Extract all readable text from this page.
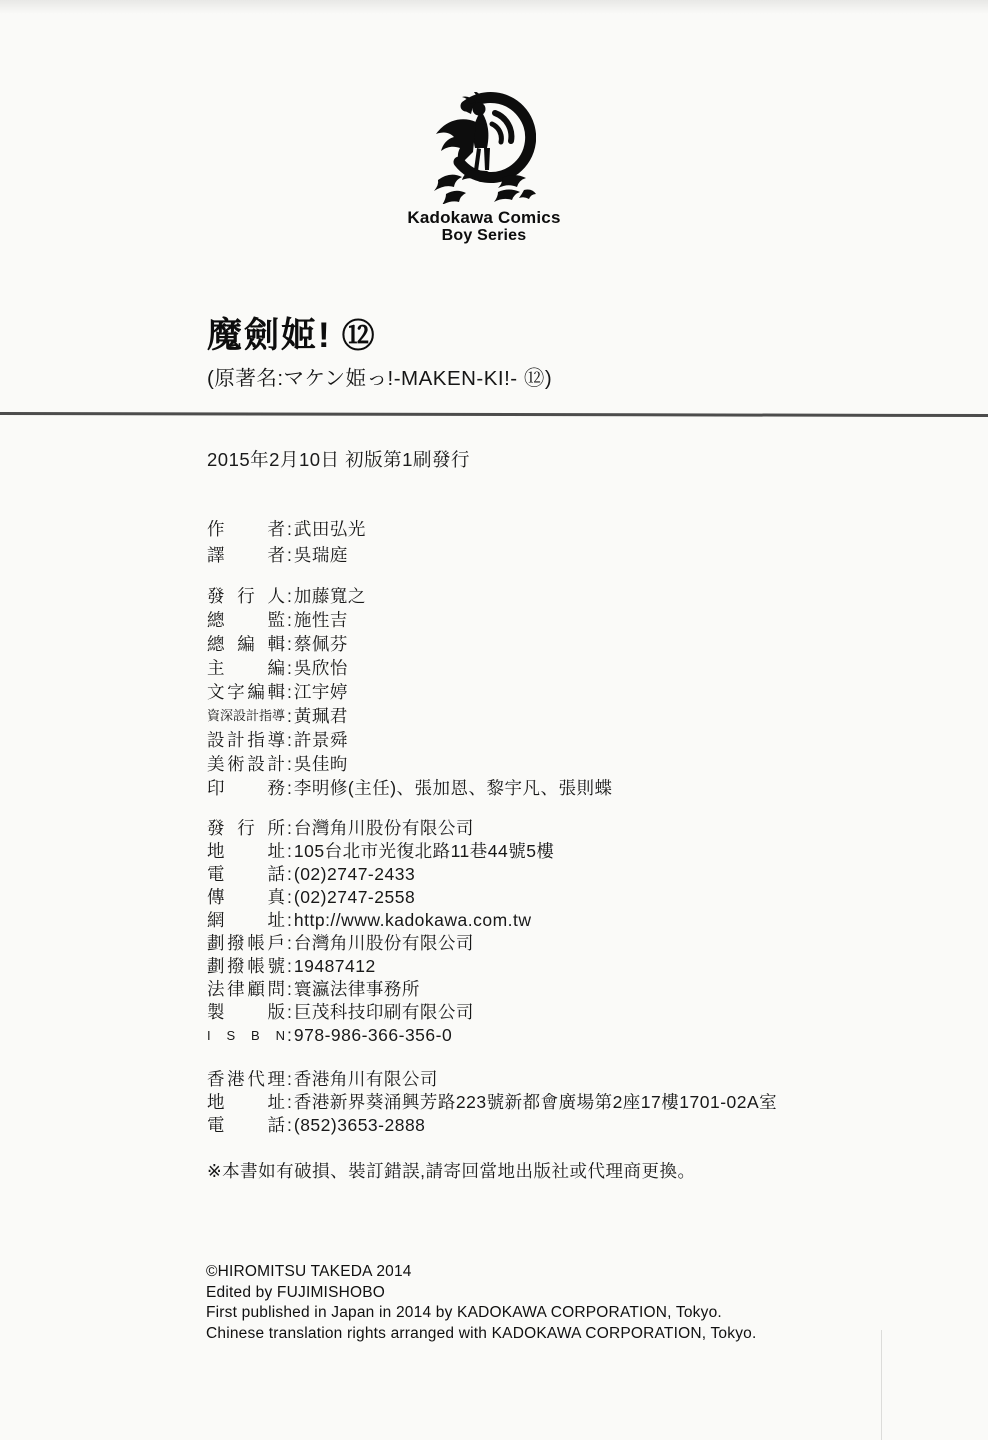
Kadokawa Comics
Boy Series
魔劍姬! ⑫
(原著名:マケン姫っ!-MAKEN-KI!- ⑫)
2015年2月10日 初版第1刷發行
作者 : 武田弘光
譯者 : 吳瑞庭
發行人 : 加藤寬之
總監 : 施性吉
總編輯 : 蔡佩芬
主編 : 吳欣怡
文字編輯 : 江宇婷
資深設計指導 : 黃珮君
設計指導 : 許景舜
美術設計 : 吳佳昫
印務 : 李明修(主任)、張加恩、黎宇凡、張則蝶
發行所 : 台灣角川股份有限公司
地址 : 105台北市光復北路11巷44號5樓
電話 : (02)2747-2433
傳真 : (02)2747-2558
網址 : http://www.kadokawa.com.tw
劃撥帳戶 : 台灣角川股份有限公司
劃撥帳號 : 19487412
法律顧問 : 寰瀛法律事務所
製版 : 巨茂科技印刷有限公司
I S B N : 978-986-366-356-0
香港代理 : 香港角川有限公司
地址 : 香港新界葵涌興芳路223號新都會廣場第2座17樓1701-02A室
電話 : (852)3653-2888
※本書如有破損、裝訂錯誤,請寄回當地出版社或代理商更換。
©HIROMITSU TAKEDA 2014
Edited by FUJIMISHOBO
First published in Japan in 2014 by KADOKAWA CORPORATION, Tokyo.
Chinese translation rights arranged with KADOKAWA CORPORATION, Tokyo.
